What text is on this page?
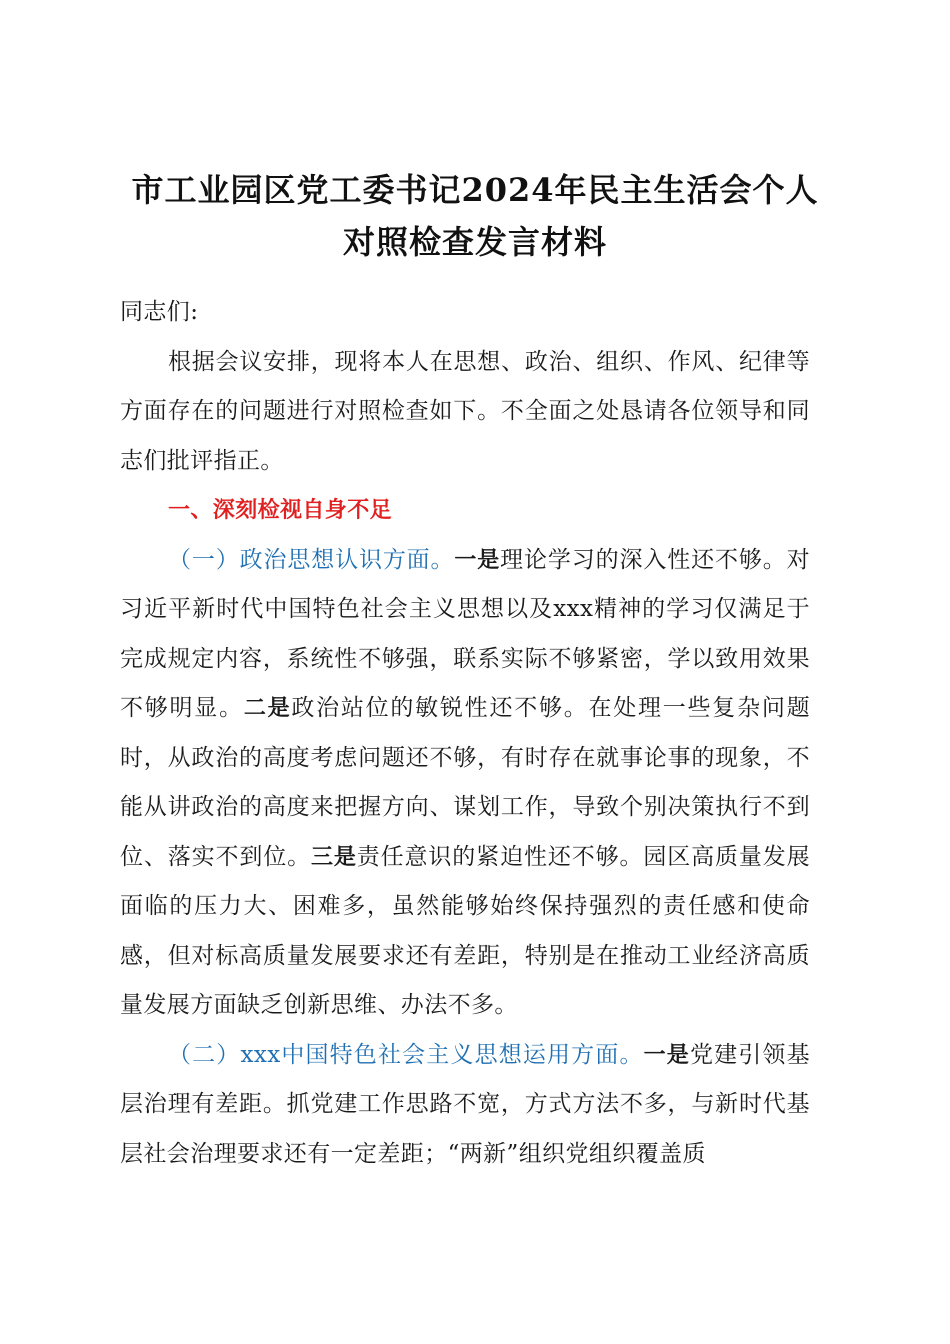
市工业园区党工委书记2024年民主生活会个人
对照检查发言材料

同志们:

根据会议安排，现将本人在思想、政治、组织、作风、纪律等方面存在的问题进行对照检查如下。不全面之处恳请各位领导和同志们批评指正。

一、深刻检视自身不足

（一）政治思想认识方面。一是理论学习的深入性还不够。对习近平新时代中国特色社会主义思想以及xxx精神的学习仅满足于完成规定内容，系统性不够强，联系实际不够紧密，学以致用效果不够明显。二是政治站位的敏锐性还不够。在处理一些复杂问题时，从政治的高度考虑问题还不够，有时存在就事论事的现象，不能从讲政治的高度来把握方向、谋划工作，导致个别决策执行不到位、落实不到位。三是责任意识的紧迫性还不够。园区高质量发展面临的压力大、困难多，虽然能够始终保持强烈的责任感和使命感，但对标高质量发展要求还有差距，特别是在推动工业经济高质量发展方面缺乏创新思维、办法不多。

（二）xxx中国特色社会主义思想运用方面。一是党建引领基层治理有差距。抓党建工作思路不宽，方式方法不多，与新时代基层社会治理要求还有一定差距；“两新”组织党组织覆盖质
